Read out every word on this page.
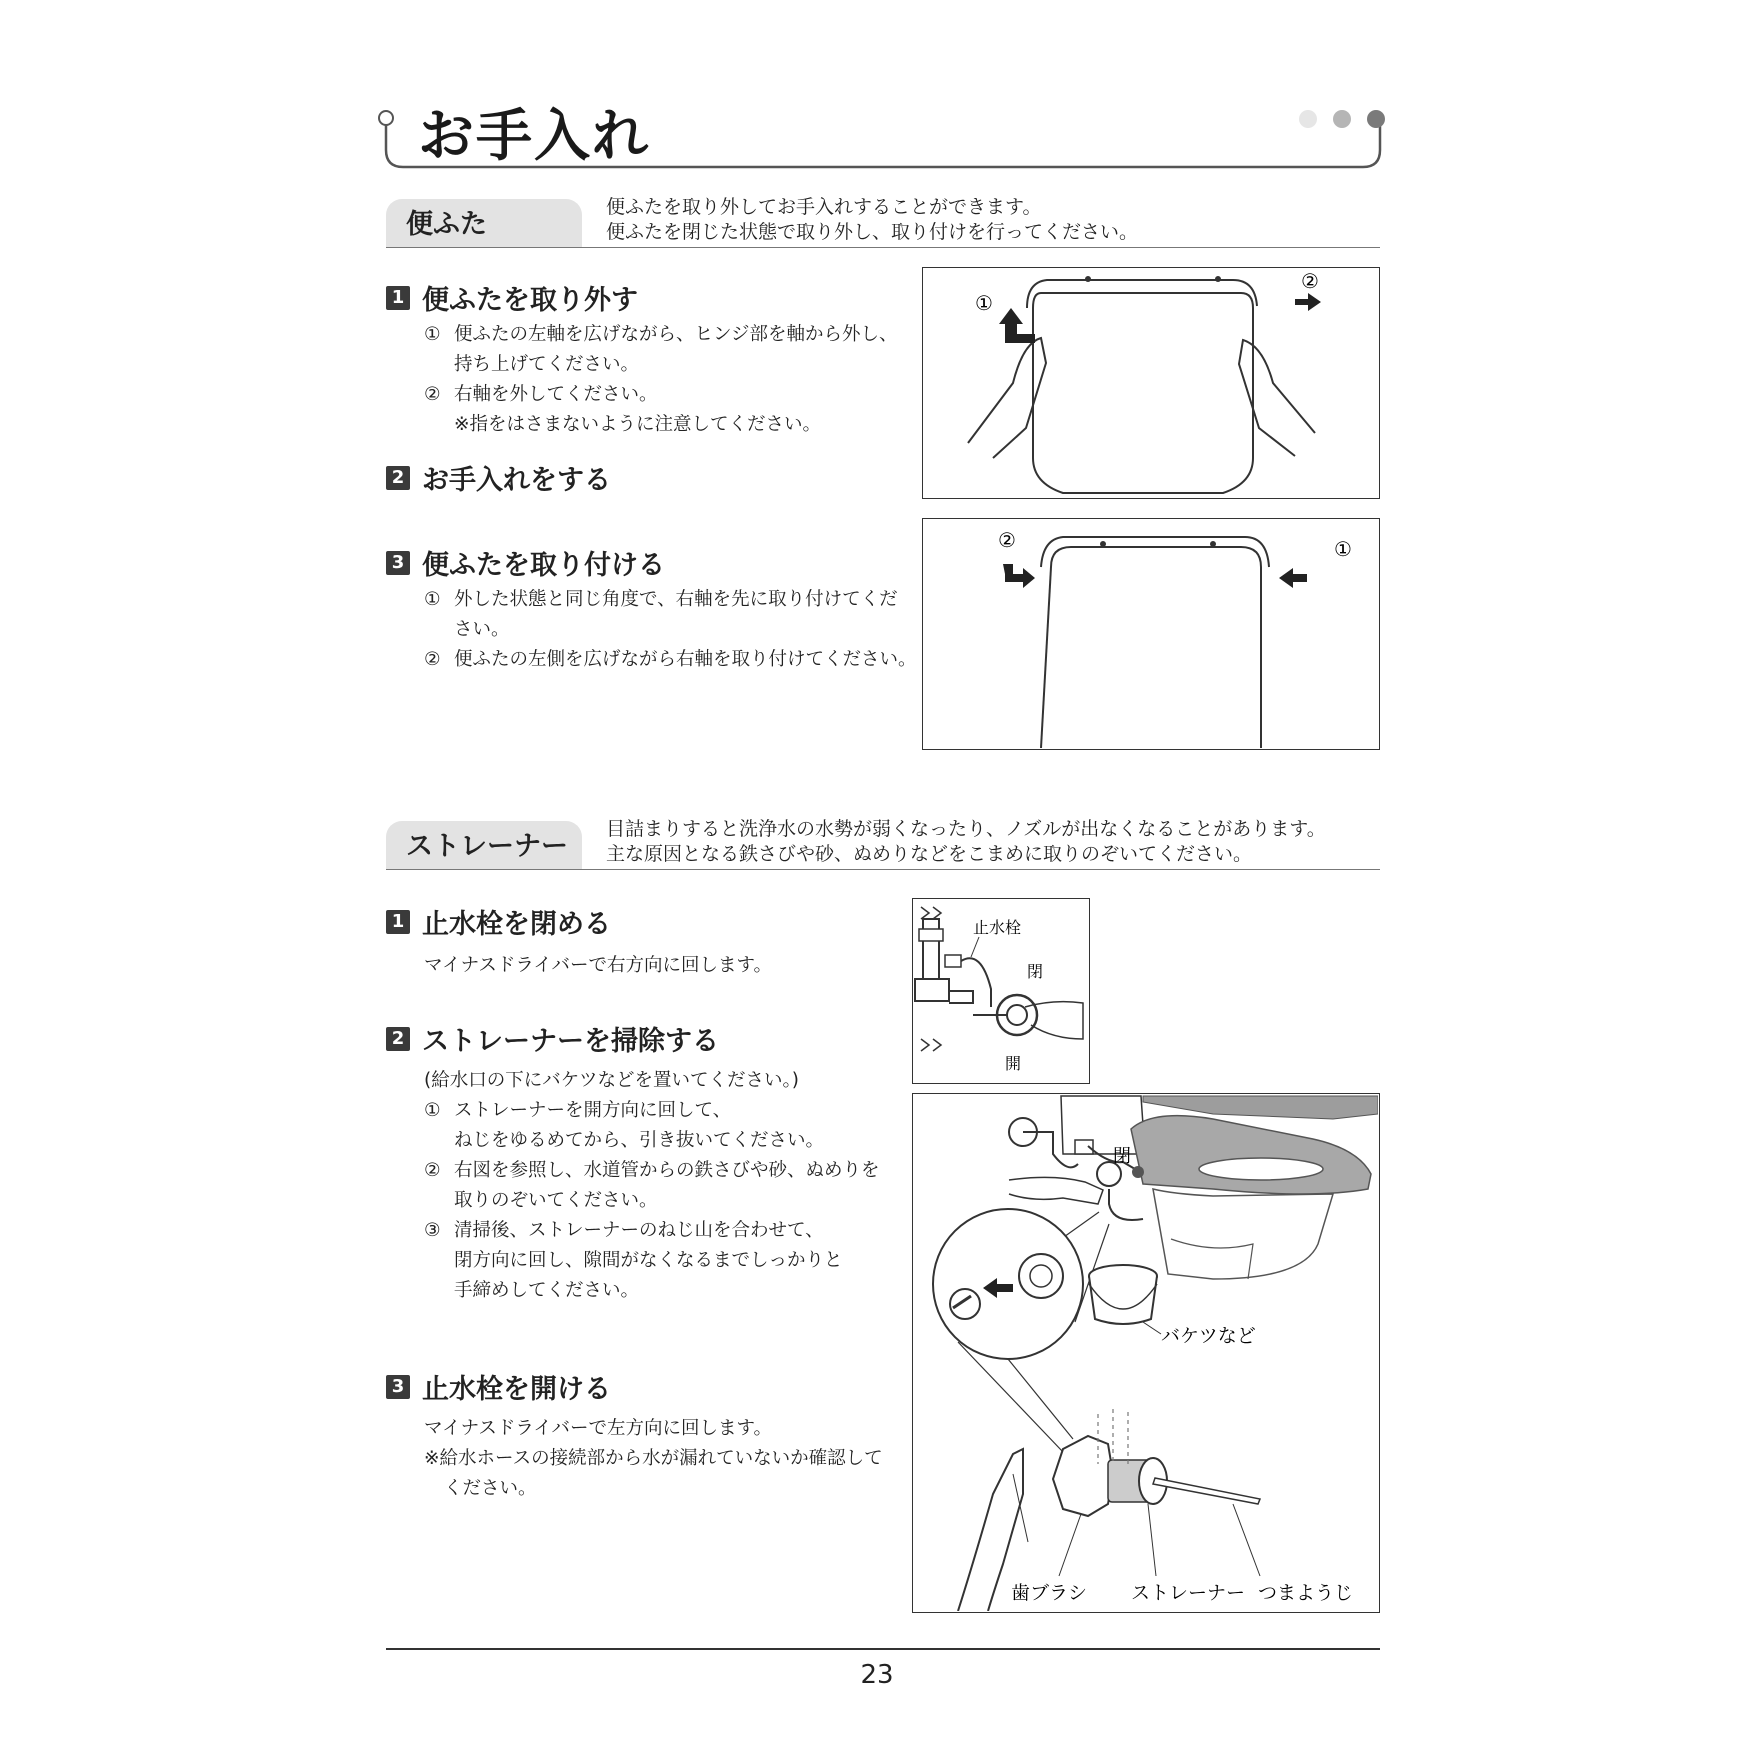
お手入れ
便ふた
便ふたを取り外してお手入れすることができます。
便ふたを閉じた状態で取り外し、取り付けを行ってください。
1 便ふたを取り外す
① 便ふたの左軸を広げながら、ヒンジ部を軸から外し、
持ち上げてください。
② 右軸を外してください。
※指をはさまないように注意してください。
2 お手入れをする
3 便ふたを取り付ける
① 外した状態と同じ角度で、右軸を先に取り付けてくだ
さい。
② 便ふたの左側を広げながら右軸を取り付けてください。
①
②
②	①
ストレーナー
目詰まりすると洗浄水の水勢が弱くなったり、ノズルが出なくなることがあります。
主な原因となる鉄さびや砂、ぬめりなどをこまめに取りのぞいてください。
1 止水栓を閉める
マイナスドライバーで右方向に回します。
2 ストレーナーを掃除する
(給水口の下にバケツなどを置いてください。)
① ストレーナーを開方向に回して、
ねじをゆるめてから、引き抜いてください。
② 右図を参照し、水道管からの鉄さびや砂、ぬめりを
取りのぞいてください。
③ 清掃後、ストレーナーのねじ山を合わせて、
閉方向に回し、隙間がなくなるまでしっかりと
手締めしてください。
3 止水栓を開ける
マイナスドライバーで左方向に回します。
※給水ホースの接続部から水が漏れていないか確認して
ください。
止水栓
閉
開
バケツなど
閉
歯ブラシ ストレーナー つまようじ
23
